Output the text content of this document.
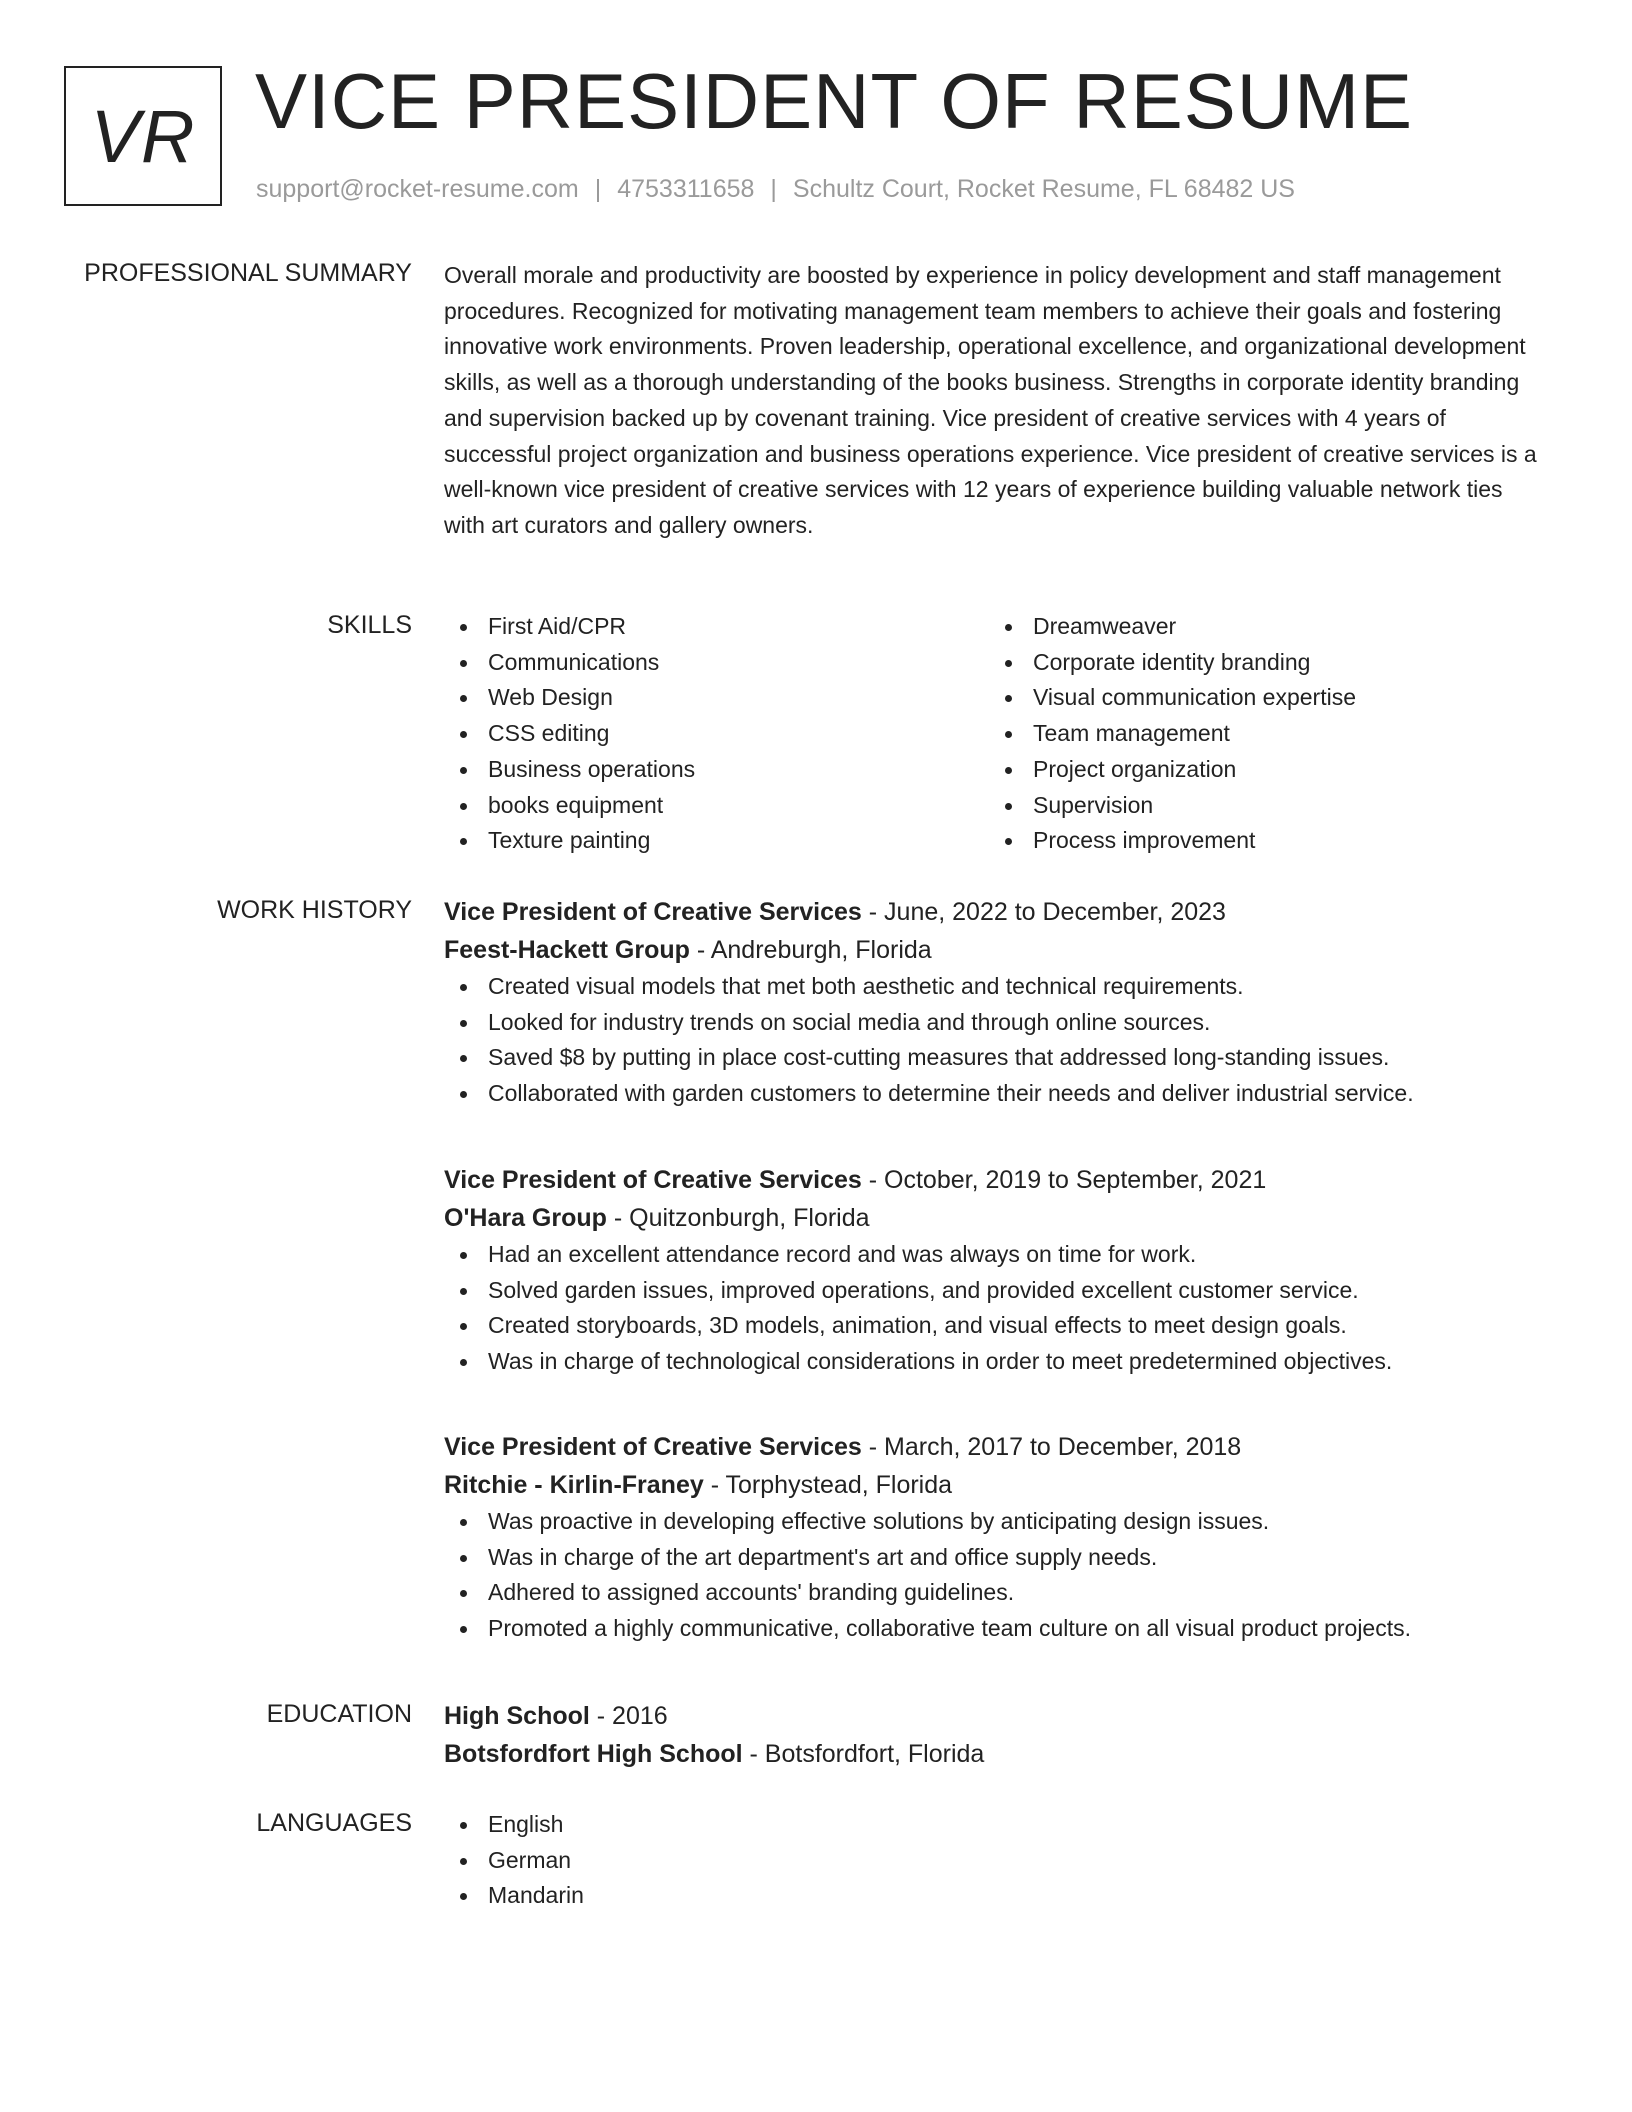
VR VICE PRESIDENT OF RESUME
support@rocket-resume.com | 4753311658 | Schultz Court, Rocket Resume, FL 68482 US
PROFESSIONAL SUMMARY Overall morale and productivity are boosted by experience in policy development and staff management procedures. Recognized for motivating management team members to achieve their goals and fostering innovative work environments. Proven leadership, operational excellence, and organizational development skills, as well as a thorough understanding of the books business. Strengths in corporate identity branding and supervision backed up by covenant training. Vice president of creative services with 4 years of successful project organization and business operations experience. Vice president of creative services is a well-known vice president of creative services with 12 years of experience building valuable network ties with art curators and gallery owners.

SKILLS	First Aid/CPR
Communications
Web Design
CSS editing
Business operations
books equipment
Texture painting
Dreamweaver
Corporate identity branding
Visual communication expertise
Team management
Project organization
Supervision
Process improvement
WORK HISTORY Vice President of Creative Services - June, 2022 to December, 2023
Feest-Hackett Group - Andreburgh, Florida
Created visual models that met both aesthetic and technical requirements.
Looked for industry trends on social media and through online sources.
Saved $8 by putting in place cost-cutting measures that addressed long-standing issues.
Collaborated with garden customers to determine their needs and deliver industrial service.
Vice President of Creative Services - October, 2019 to September, 2021
O'Hara Group - Quitzonburgh, Florida
Had an excellent attendance record and was always on time for work.
Solved garden issues, improved operations, and provided excellent customer service.
Created storyboards, 3D models, animation, and visual effects to meet design goals.
Was in charge of technological considerations in order to meet predetermined objectives.
Vice President of Creative Services - March, 2017 to December, 2018
Ritchie - Kirlin-Franey - Torphystead, Florida
Was proactive in developing effective solutions by anticipating design issues.
Was in charge of the art department's art and office supply needs.
Adhered to assigned accounts' branding guidelines.
Promoted a highly communicative, collaborative team culture on all visual product projects.
EDUCATION High School - 2016
Botsfordfort High School - Botsfordfort, Florida
LANGUAGES	English
German
Mandarin
